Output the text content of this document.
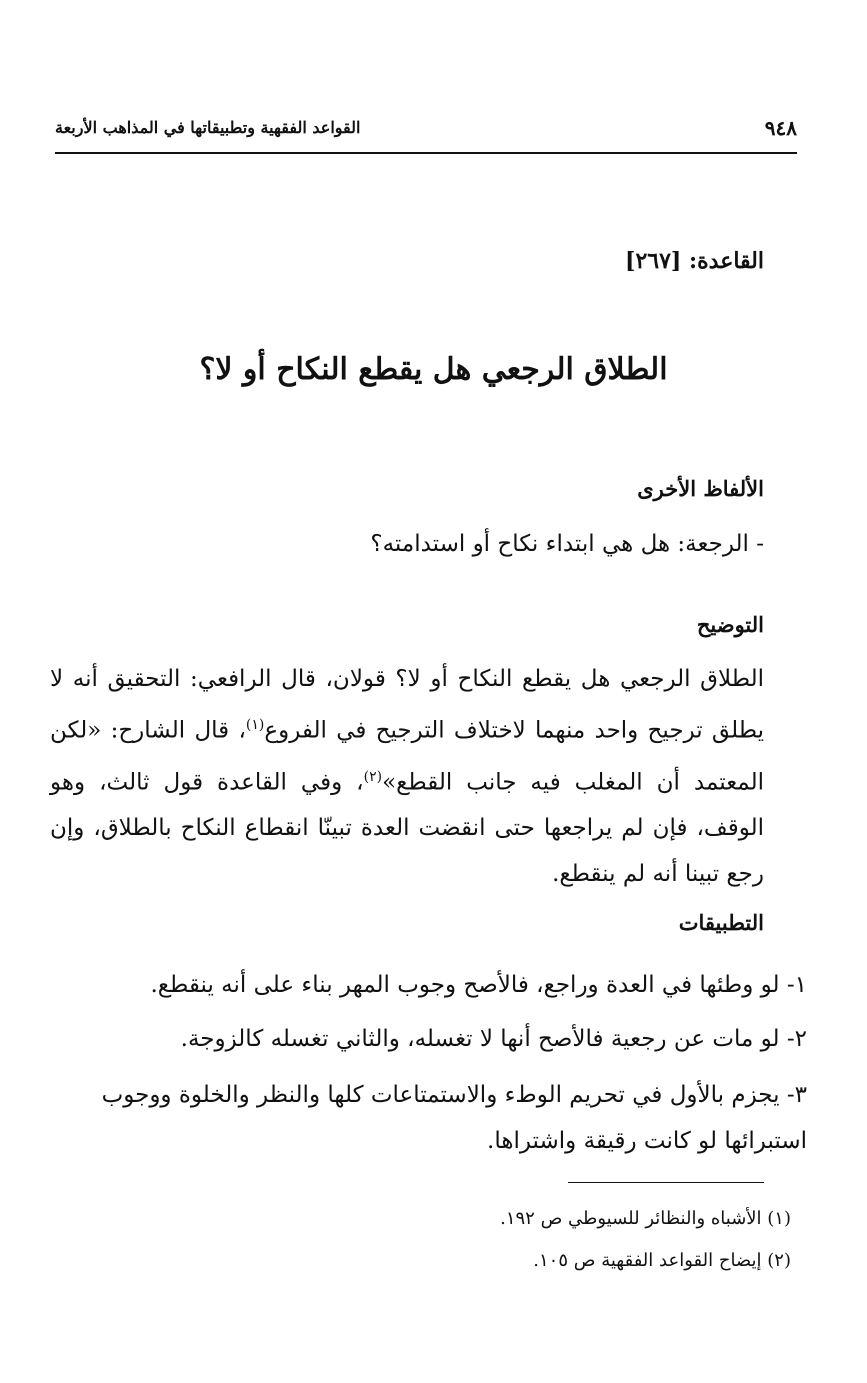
٩٤٨
القواعد الفقهية وتطبيقاتها في المذاهب الأربعة
القاعدة: [٢٦٧]
الطلاق الرجعي هل يقطع النكاح أو لا؟
الألفاظ الأخرى
- الرجعة: هل هي ابتداء نكاح أو استدامته؟
التوضيح
الطلاق الرجعي هل يقطع النكاح أو لا؟ قولان، قال الرافعي: التحقيق أنه لا يطلق ترجيح واحد منهما لاختلاف الترجيح في الفروع$^{(١)}$، قال الشارح: «لكن المعتمد أن المغلب فيه جانب القطع»$^{(٢)}$، وفي القاعدة قول ثالث، وهو الوقف، فإن لم يراجعها حتى انقضت العدة تبينّا انقطاع النكاح بالطلاق، وإن رجع تبينا أنه لم ينقطع.
التطبيقات
١- لو وطئها في العدة وراجع، فالأصح وجوب المهر بناء على أنه ينقطع.
٢- لو مات عن رجعية فالأصح أنها لا تغسله، والثاني تغسله كالزوجة.
٣- يجزم بالأول في تحريم الوطء والاستمتاعات كلها والنظر والخلوة ووجوب استبرائها لو كانت رقيقة واشتراها.
(١) الأشباه والنظائر للسيوطي ص ١٩٢.
(٢) إيضاح القواعد الفقهية ص ١٠٥.
